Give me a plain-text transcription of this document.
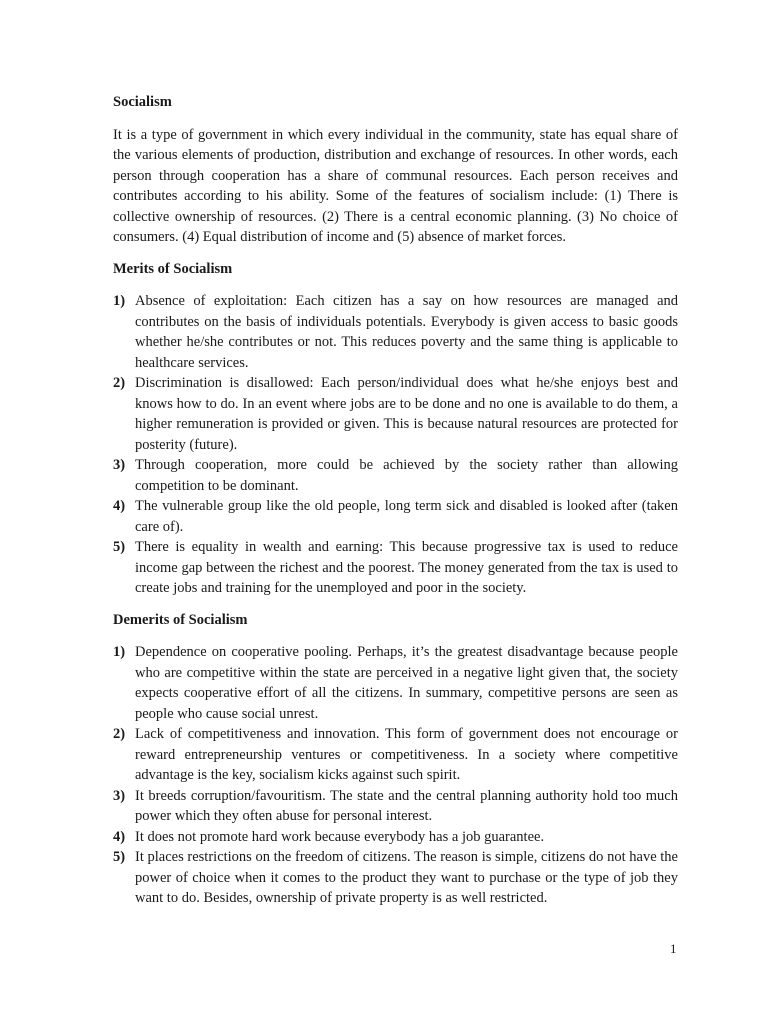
Socialism

It is a type of government in which every individual in the community, state has equal share of the various elements of production, distribution and exchange of resources. In other words, each person through cooperation has a share of communal resources. Each person receives and contributes according to his ability. Some of the features of socialism include: (1) There is collective ownership of resources. (2) There is a central economic planning. (3) No choice of consumers. (4) Equal distribution of income and (5) absence of market forces.

Merits of Socialism
1) Absence of exploitation: Each citizen has a say on how resources are managed and contributes on the basis of individuals potentials. Everybody is given access to basic goods whether he/she contributes or not. This reduces poverty and the same thing is applicable to healthcare services.
2) Discrimination is disallowed: Each person/individual does what he/she enjoys best and knows how to do. In an event where jobs are to be done and no one is available to do them, a higher remuneration is provided or given. This is because natural resources are protected for posterity (future).
3) Through cooperation, more could be achieved by the society rather than allowing competition to be dominant.
4) The vulnerable group like the old people, long term sick and disabled is looked after (taken care of).
5) There is equality in wealth and earning: This because progressive tax is used to reduce income gap between the richest and the poorest. The money generated from the tax is used to create jobs and training for the unemployed and poor in the society.
Demerits of Socialism
1) Dependence on cooperative pooling. Perhaps, it’s the greatest disadvantage because people who are competitive within the state are perceived in a negative light given that, the society expects cooperative effort of all the citizens. In summary, competitive persons are seen as people who cause social unrest.
2) Lack of competitiveness and innovation. This form of government does not encourage or reward entrepreneurship ventures or competitiveness. In a society where competitive advantage is the key, socialism kicks against such spirit.
3) It breeds corruption/favouritism. The state and the central planning authority hold too much power which they often abuse for personal interest.
4) It does not promote hard work because everybody has a job guarantee.
5) It places restrictions on the freedom of citizens. The reason is simple, citizens do not have the power of choice when it comes to the product they want to purchase or the type of job they want to do. Besides, ownership of private property is as well restricted.
1
